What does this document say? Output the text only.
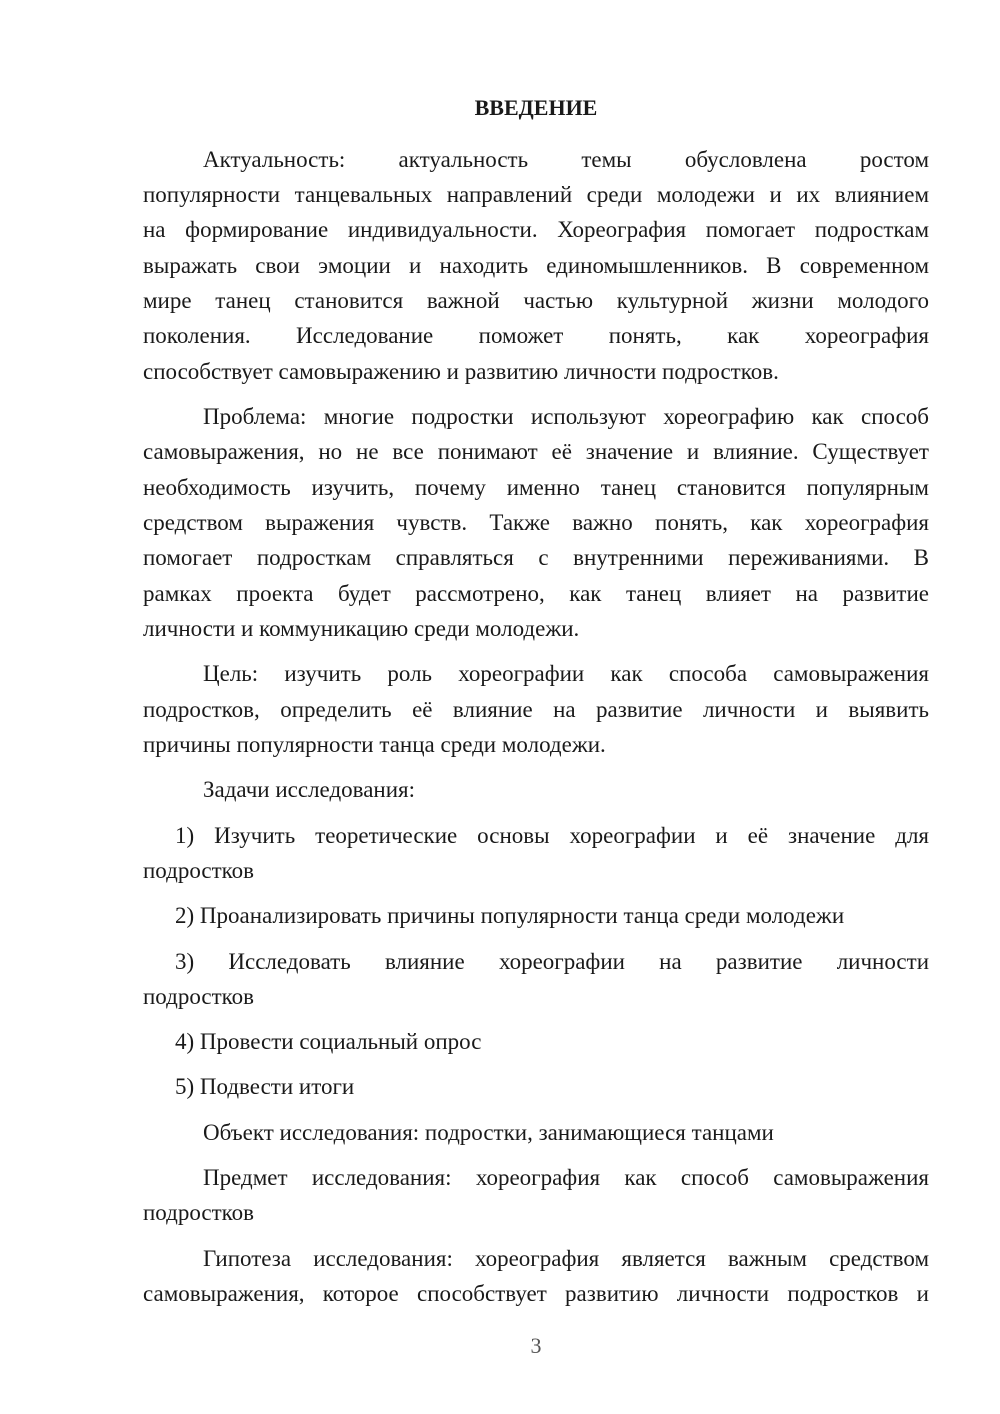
ВВЕДЕНИЕ

Актуальность: актуальность темы обусловлена ростом

популярности танцевальных направлений среди молодежи и их влиянием

на формирование индивидуальности. Хореография помогает подросткам

выражать свои эмоции и находить единомышленников. В современном

мире танец становится важной частью культурной жизни молодого

поколения. Исследование поможет понять, как хореография

способствует самовыражению и развитию личности подростков.

Проблема: многие подростки используют хореографию как способ

самовыражения, но не все понимают её значение и влияние. Существует

необходимость изучить, почему именно танец становится популярным

средством выражения чувств. Также важно понять, как хореография

помогает подросткам справляться с внутренними переживаниями. В

рамках проекта будет рассмотрено, как танец влияет на развитие

личности и коммуникацию среди молодежи.

Цель: изучить роль хореографии как способа самовыражения

подростков, определить её влияние на развитие личности и выявить

причины популярности танца среди молодежи.

Задачи исследования:

1) Изучить теоретические основы хореографии и её значение для

подростков

2) Проанализировать причины популярности танца среди молодежи

3) Исследовать влияние хореографии на развитие личности

подростков

4) Провести социальный опрос

5) Подвести итоги

Объект исследования: подростки, занимающиеся танцами

Предмет исследования: хореография как способ самовыражения

подростков

Гипотеза исследования: хореография является важным средством

самовыражения, которое способствует развитию личности подростков и

3
